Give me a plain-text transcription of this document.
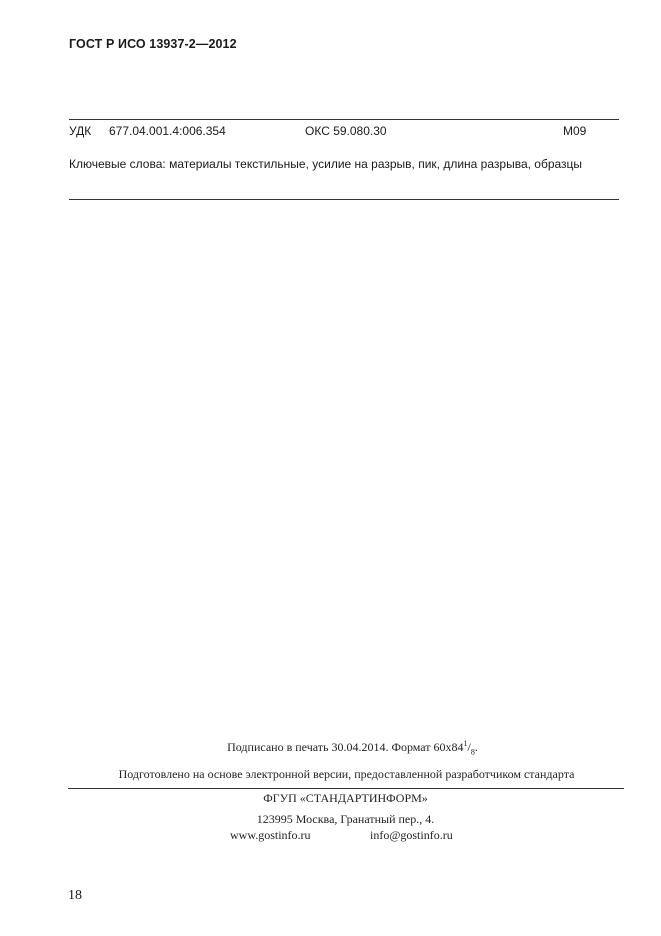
ГОСТ Р ИСО 13937-2—2012
УДК 677.04.001.4:006.354	ОКС 59.080.30	М09
Ключевые слова: материалы текстильные, усилие на разрыв, пик, длина разрыва, образцы
Подписано в печать 30.04.2014. Формат $60x84^1/_8$.
Подготовлено на основе электронной версии, предоставленной разработчиком стандарта
ФГУП «СТАНДАРТИНФОРМ»
123995 Москва, Гранатный пер., 4.
www.gostinfo.ru	info@gostinfo.ru
18
